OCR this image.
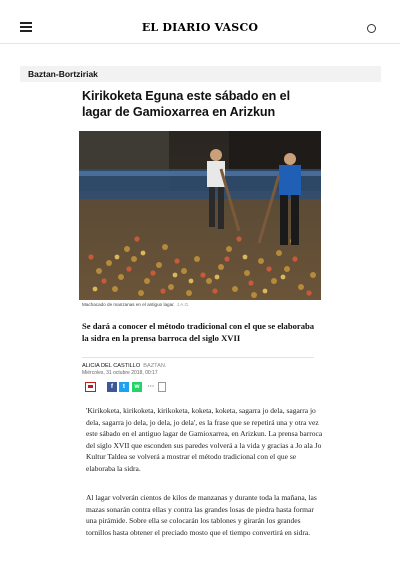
EL DIARIO VASCO
Baztan-Bortziriak
Kirikoketa Eguna este sábado en el lagar de Gamioxarrea en Arizkun
Machacado de manzanas en el antiguo lagar. J.A.G.
Se dará a conocer el método tradicional con el que se elaboraba la sidra en la prensa barroca del siglo XVII
ALICIA DEL CASTILLO BAZTAN.
Miércoles, 31 octubre 2018, 00:17
f	t	w	···

'Kirikoketa, kirikoketa, kirikoketa, koketa, koketa, sagarra jo dela, sagarra jo dela, sagarra jo dela, jo dela, jo dela', es la frase que se repetirá una y otra vez este sábado en el antiguo lagar de Gamioxarrea, en Arizkun. La prensa barroca del siglo XVII que esconden sus paredes volverá a la vida y gracias a Jo ala Jo Kultur Taldea se volverá a mostrar el método tradicional con el que se elaboraba la sidra.

Al lagar volverán cientos de kilos de manzanas y durante toda la mañana, las mazas sonarán contra ellas y contra las grandes losas de piedra hasta formar una pirámide. Sobre ella se colocarán los tablones y girarán los grandes tornillos hasta obtener el preciado mosto que el tiempo convertirá en sidra.
